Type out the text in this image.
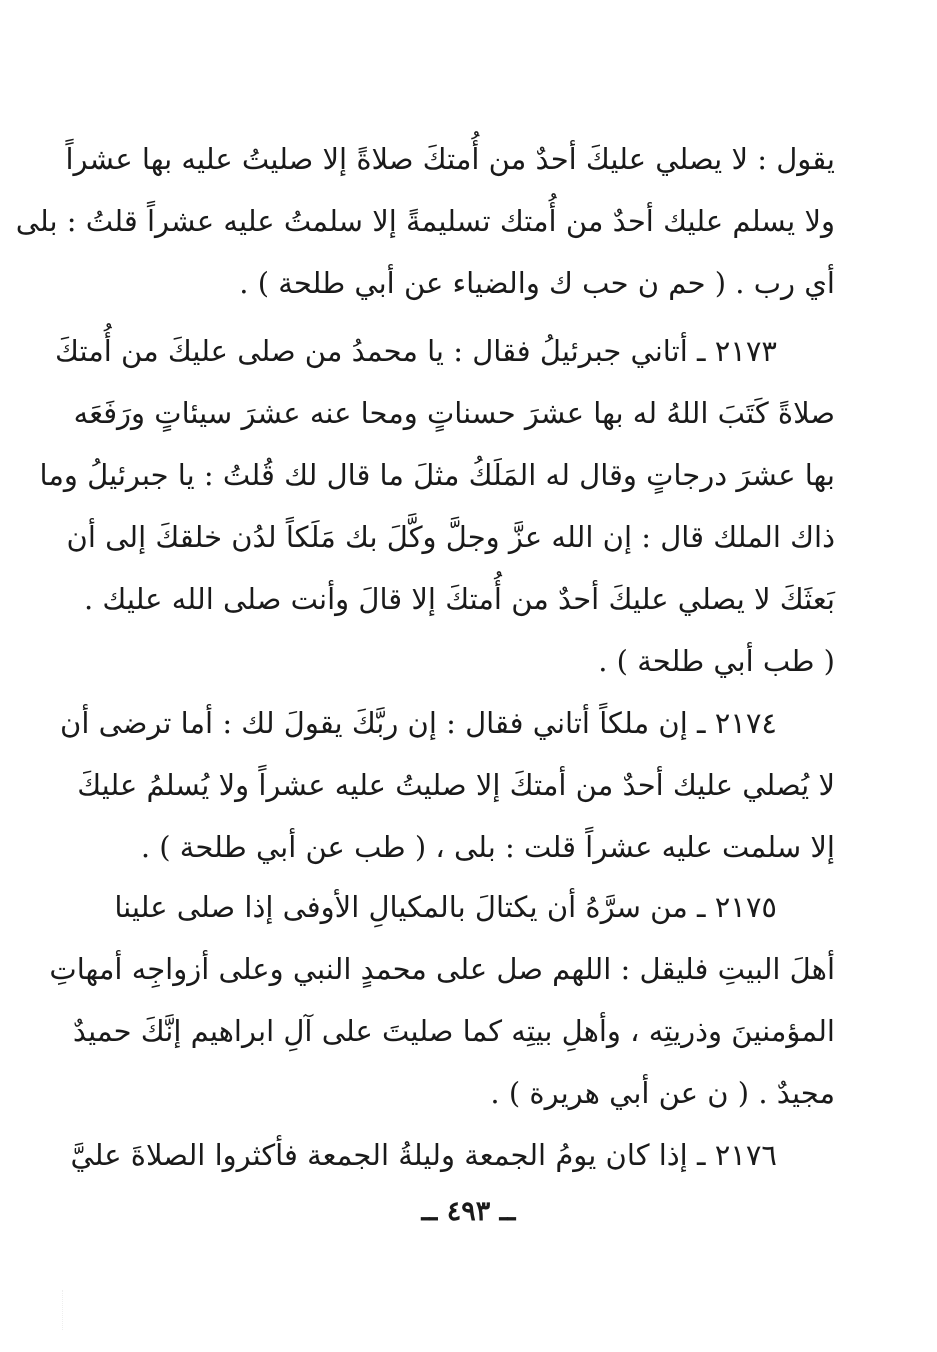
يقول : لا يصلي عليكَ أحدٌ من أُمتكَ صلاةً إلا صليتُ عليه بها عشراً
ولا يسلم عليك أحدٌ من أُمتك تسليمةً إلا سلمتُ عليه عشراً قلتُ : بلى
أي رب . ( حم ن حب ك والضياء عن أبي طلحة ) .
٢١٧٣ ـ أتاني جبرئيلُ فقال : يا محمدُ من صلى عليكَ من أُمتكَ
صلاةً كَتَبَ اللهُ له بها عشرَ حسناتٍ ومحا عنه عشرَ سيئاتٍ ورَفَعَه
بها عشرَ درجاتٍ وقال له المَلَكُ مثلَ ما قال لك قُلتُ : يا جبرئيلُ وما
ذاك الملك قال : إن الله عزَّ وجلَّ وكَّلَ بك مَلَكاً لدُن خلقكَ إلى أن
بَعثَكَ لا يصلي عليكَ أحدٌ من أُمتكَ إلا قالَ وأنت صلى الله عليك .
( طب أبي طلحة ) .
٢١٧٤ ـ إن ملكاً أتاني فقال : إن ربَّكَ يقولَ لك : أما ترضى أن
لا يُصلي عليك أحدٌ من أمتكَ إلا صليتُ عليه عشراً ولا يُسلمُ عليكَ
إلا سلمت عليه عشراً قلت : بلى ، ( طب عن أبي طلحة ) .
٢١٧٥ ـ من سرَّهُ أن يكتالَ بالمكيالِ الأوفى إذا صلى علينا
أهلَ البيتِ فليقل : اللهم صل على محمدٍ النبي وعلى أزواجِه أمهاتِ
المؤمنينَ وذريتِه ، وأهلِ بيتِه كما صليتَ على آلِ ابراهيم إنَّكَ حميدٌ
مجيدٌ . ( ن عن أبي هريرة ) .
٢١٧٦ ـ إذا كان يومُ الجمعة وليلةُ الجمعة فأكثروا الصلاةَ عليَّ
ــ ٤٩٣ ــ
